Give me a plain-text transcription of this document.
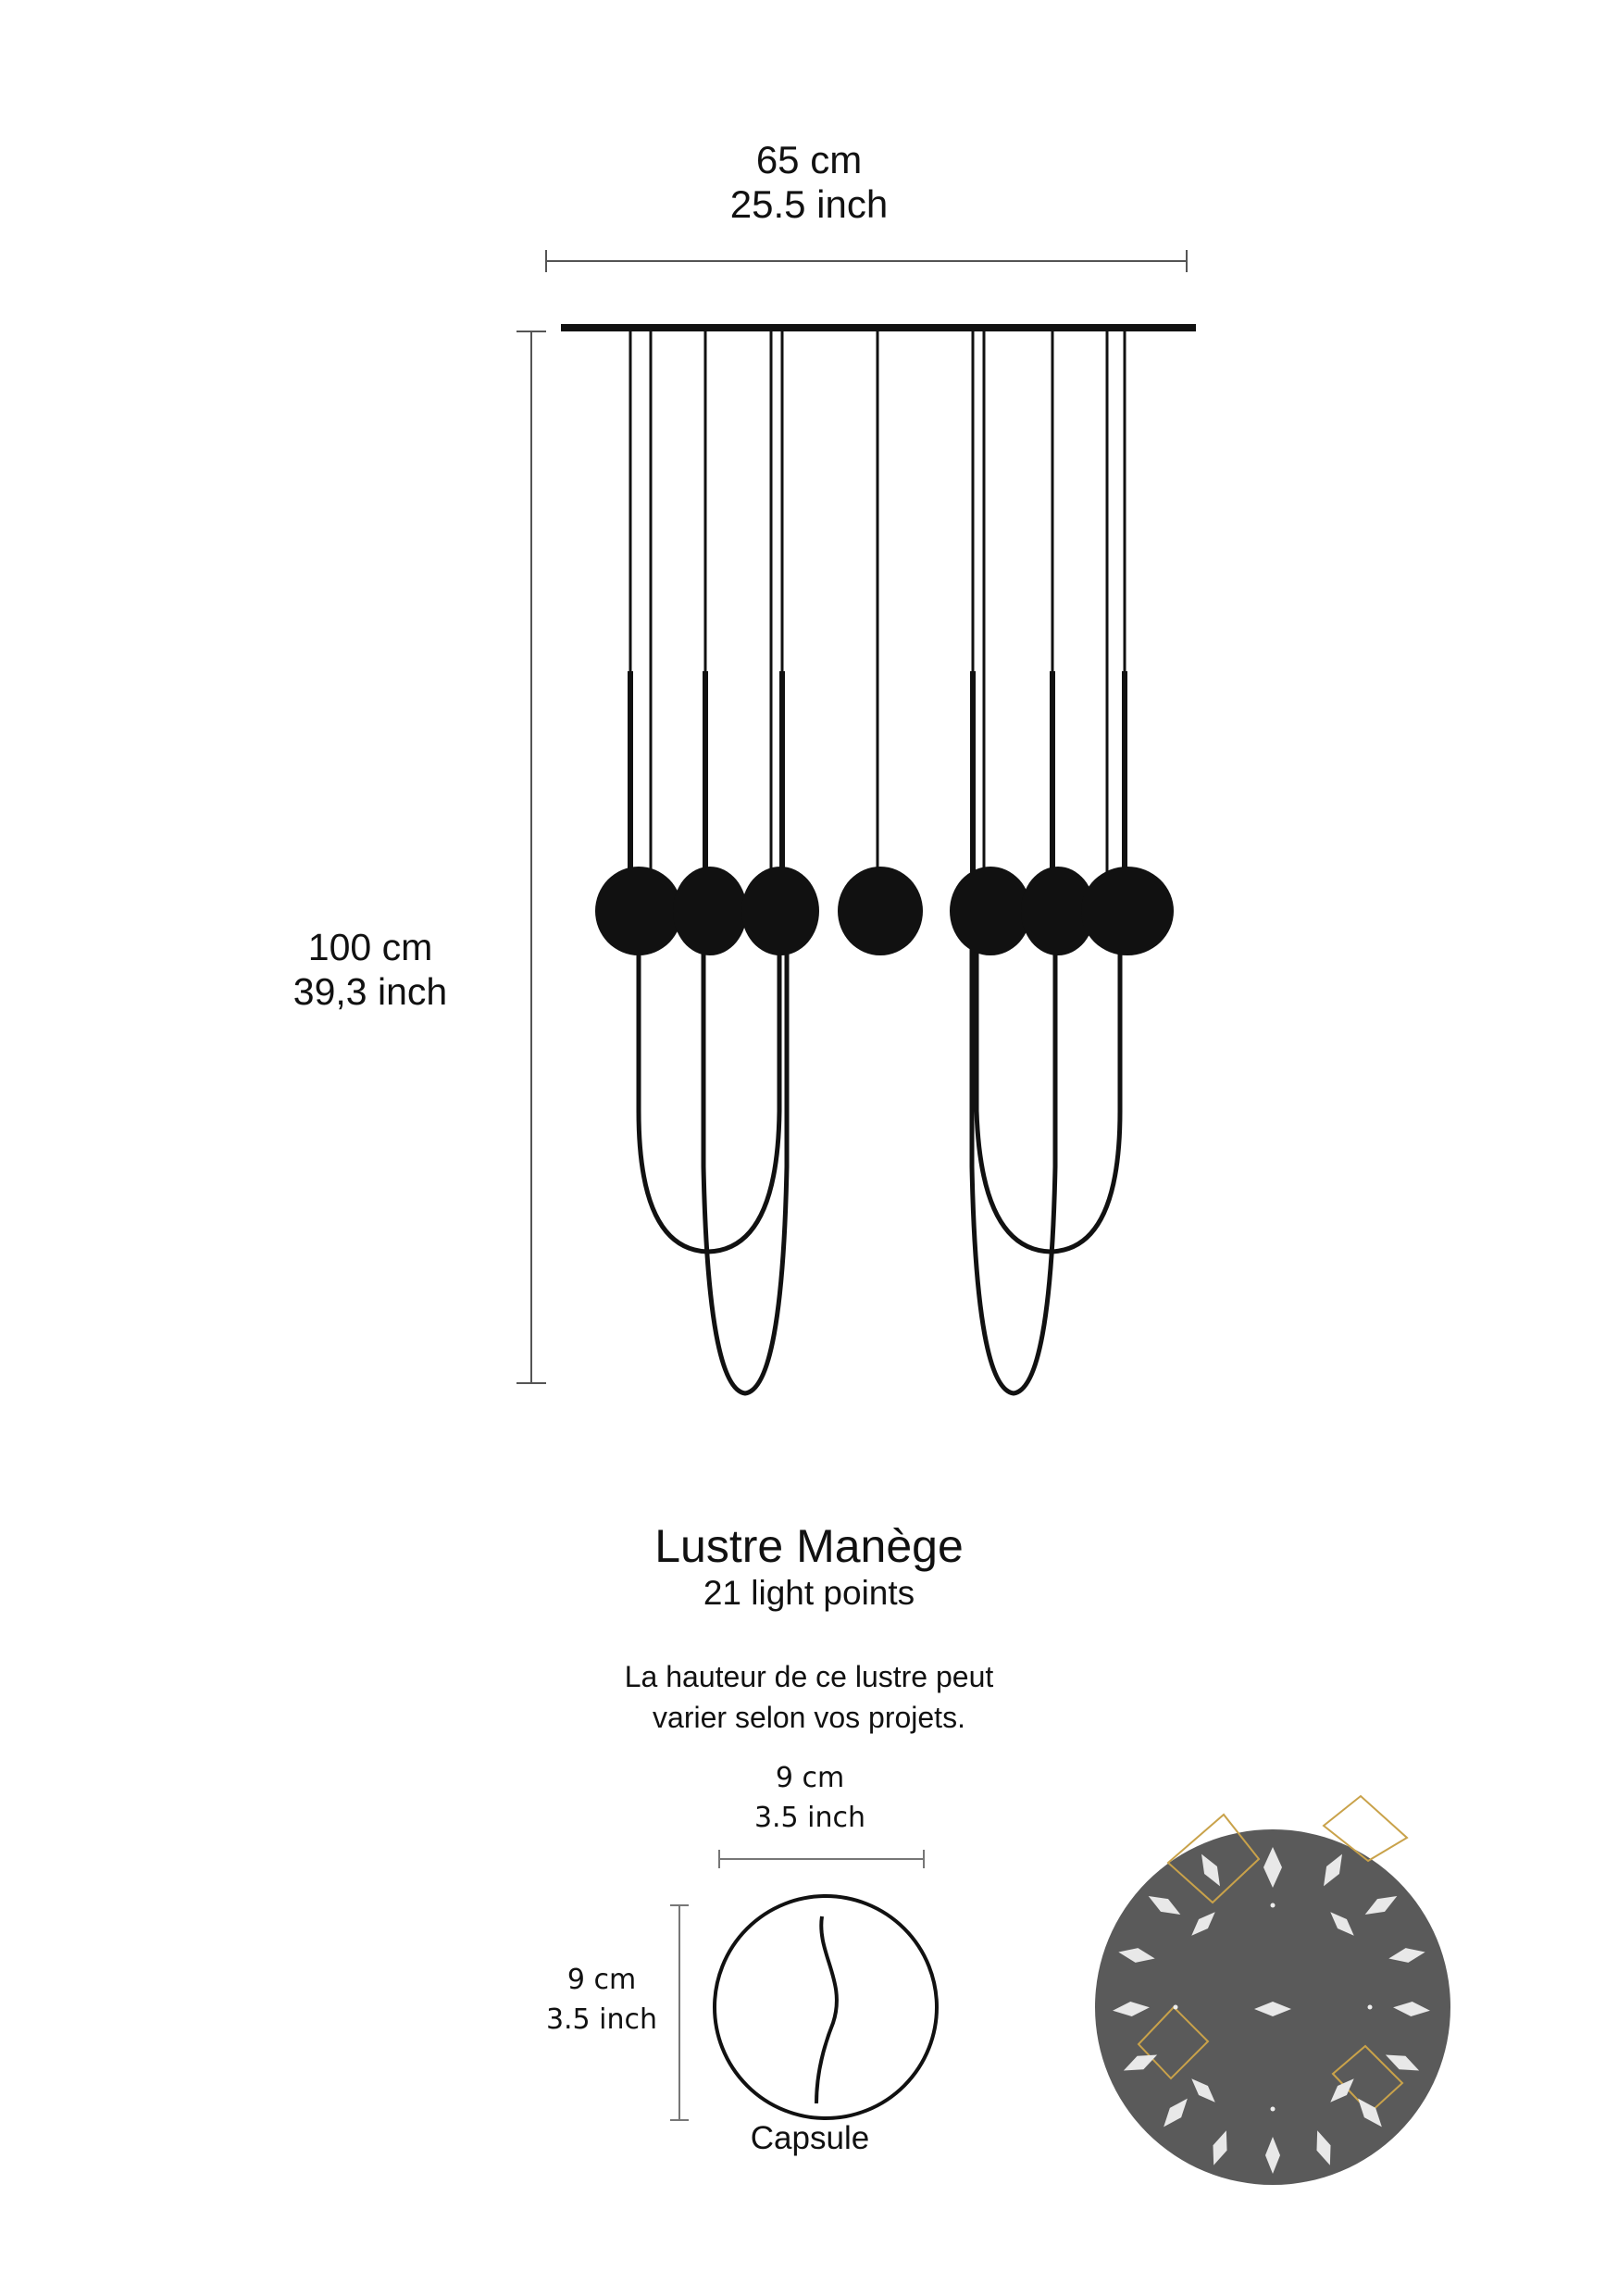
65 cm
25.5 inch
100 cm
39,3 inch
Lustre Manège
21 light points
La hauteur de ce lustre peut
varier selon vos projets.
9 cm
3.5 inch
9 cm
3.5 inch
Capsule
